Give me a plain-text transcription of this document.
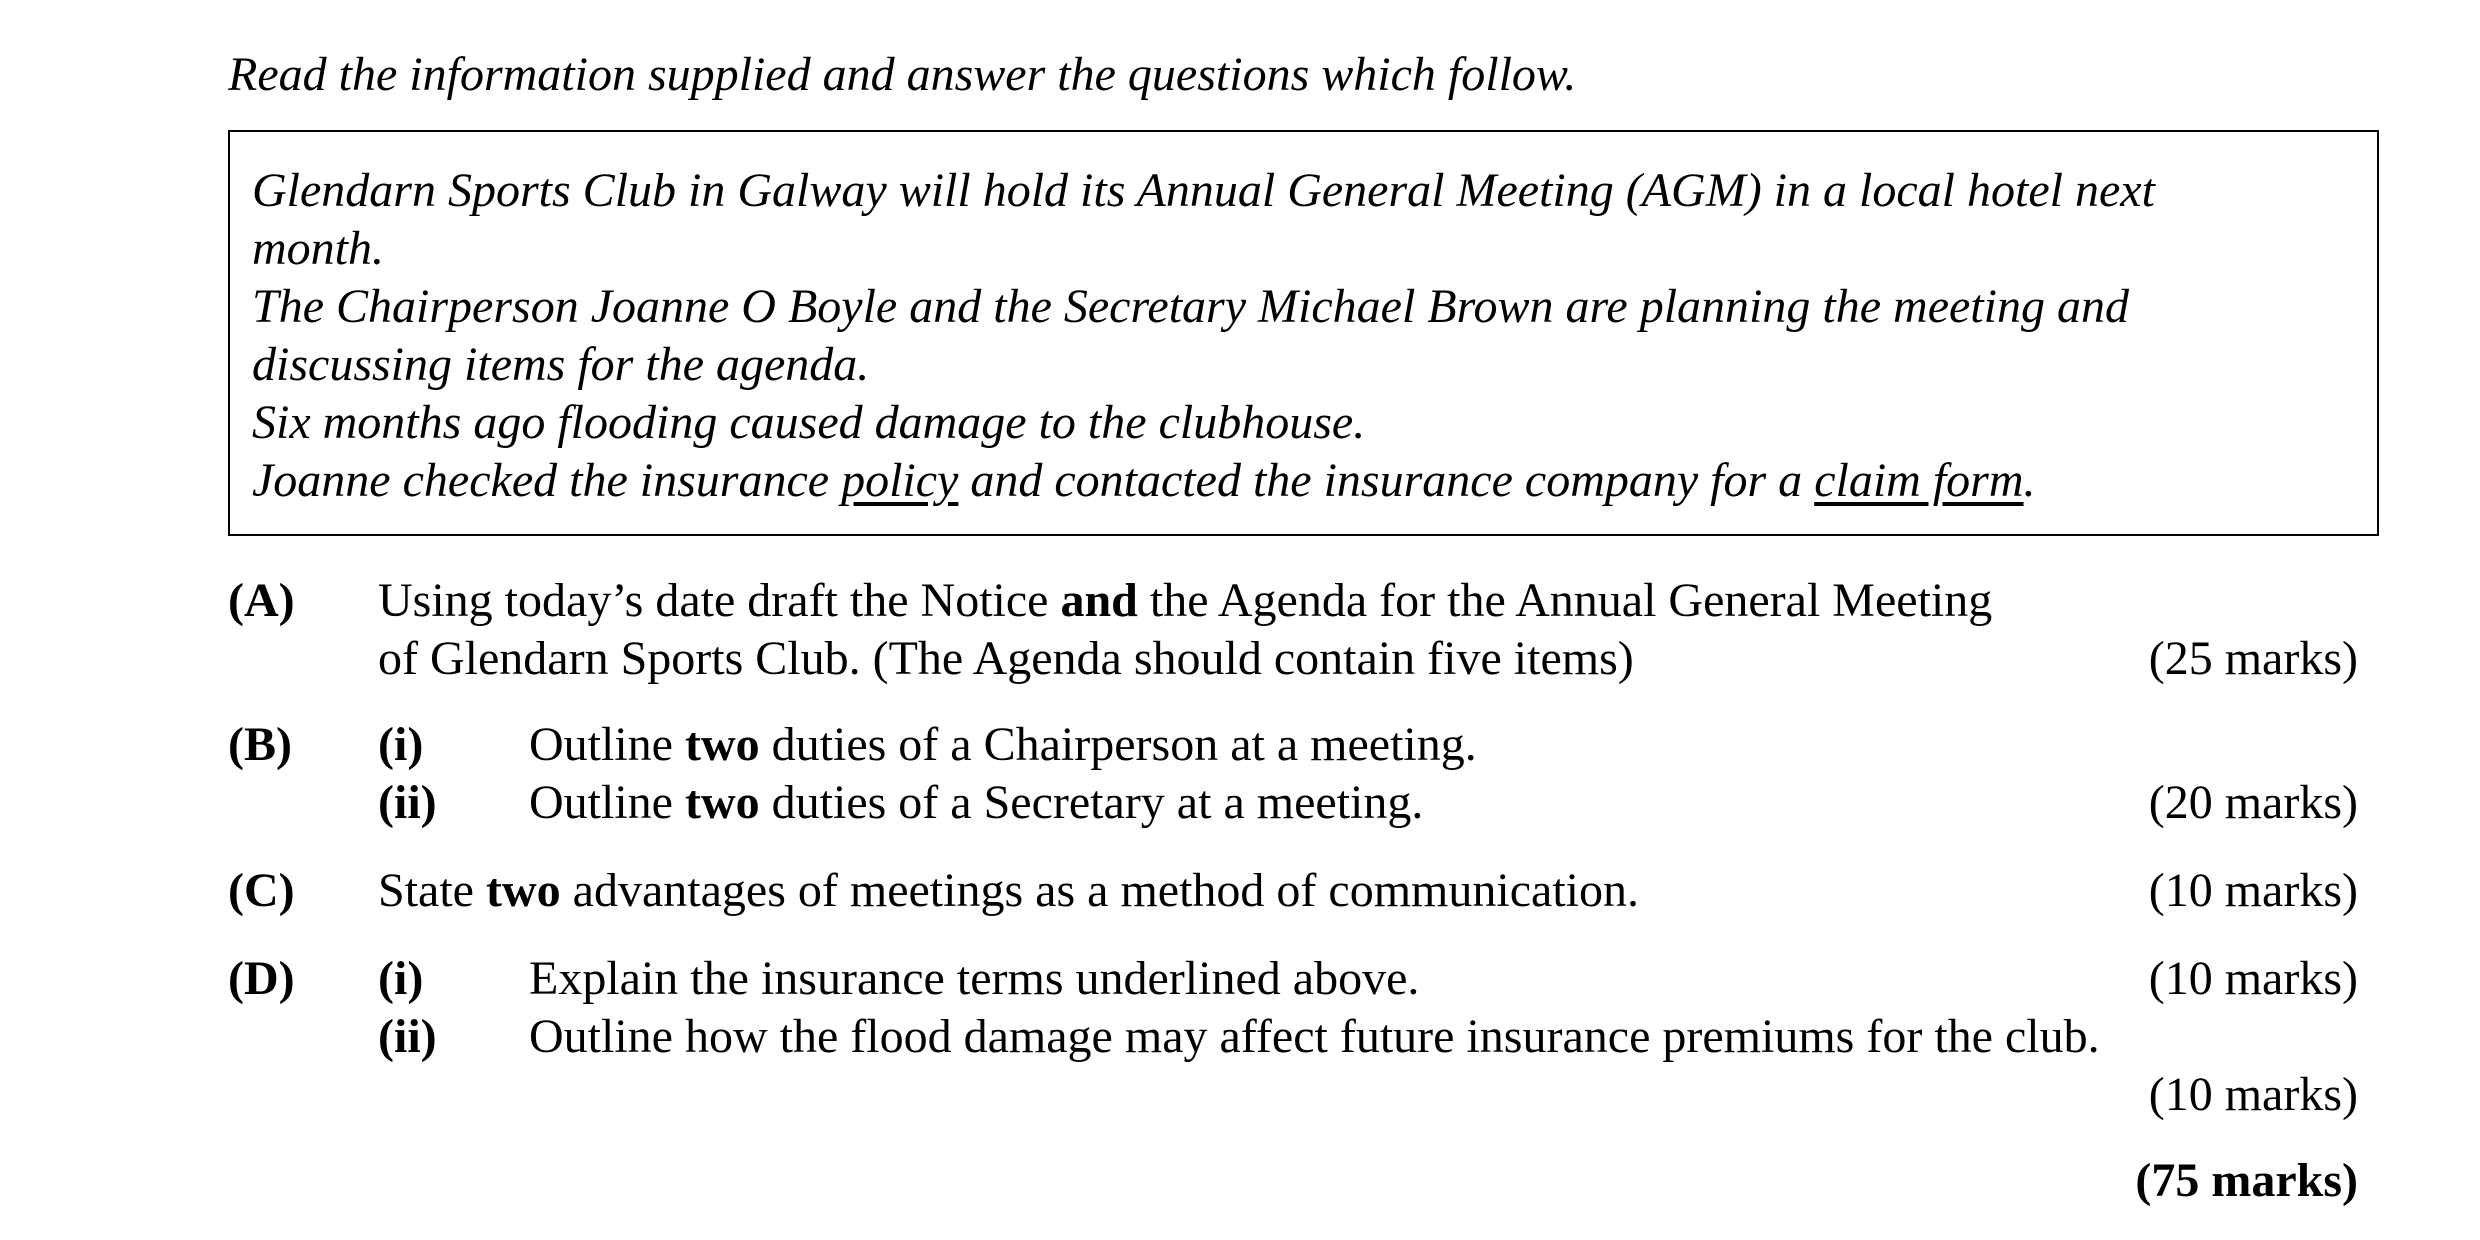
Read the information supplied and answer the questions which follow.

Glendarn Sports Club in Galway will hold its Annual General Meeting (AGM) in a local hotel next

month.

The Chairperson Joanne O Boyle and the Secretary Michael Brown are planning the meeting and

discussing items for the agenda.

Six months ago flooding caused damage to the clubhouse.

Joanne checked the insurance policy and contacted the insurance company for a claim form.

(A) Using today’s date draft the Notice and the Agenda for the Annual General Meeting
of Glendarn Sports Club. (The Agenda should contain five items)	(25 marks)
(B) (i) Outline two duties of a Chairperson at a meeting.
(ii) Outline two duties of a Secretary at a meeting.	(20 marks)
(C) State two advantages of meetings as a method of communication.	(10 marks)
(D) (i) Explain the insurance terms underlined above.	(10 marks)
(ii) Outline how the flood damage may affect future insurance premiums for the club.
(10 marks)
(75 marks)
